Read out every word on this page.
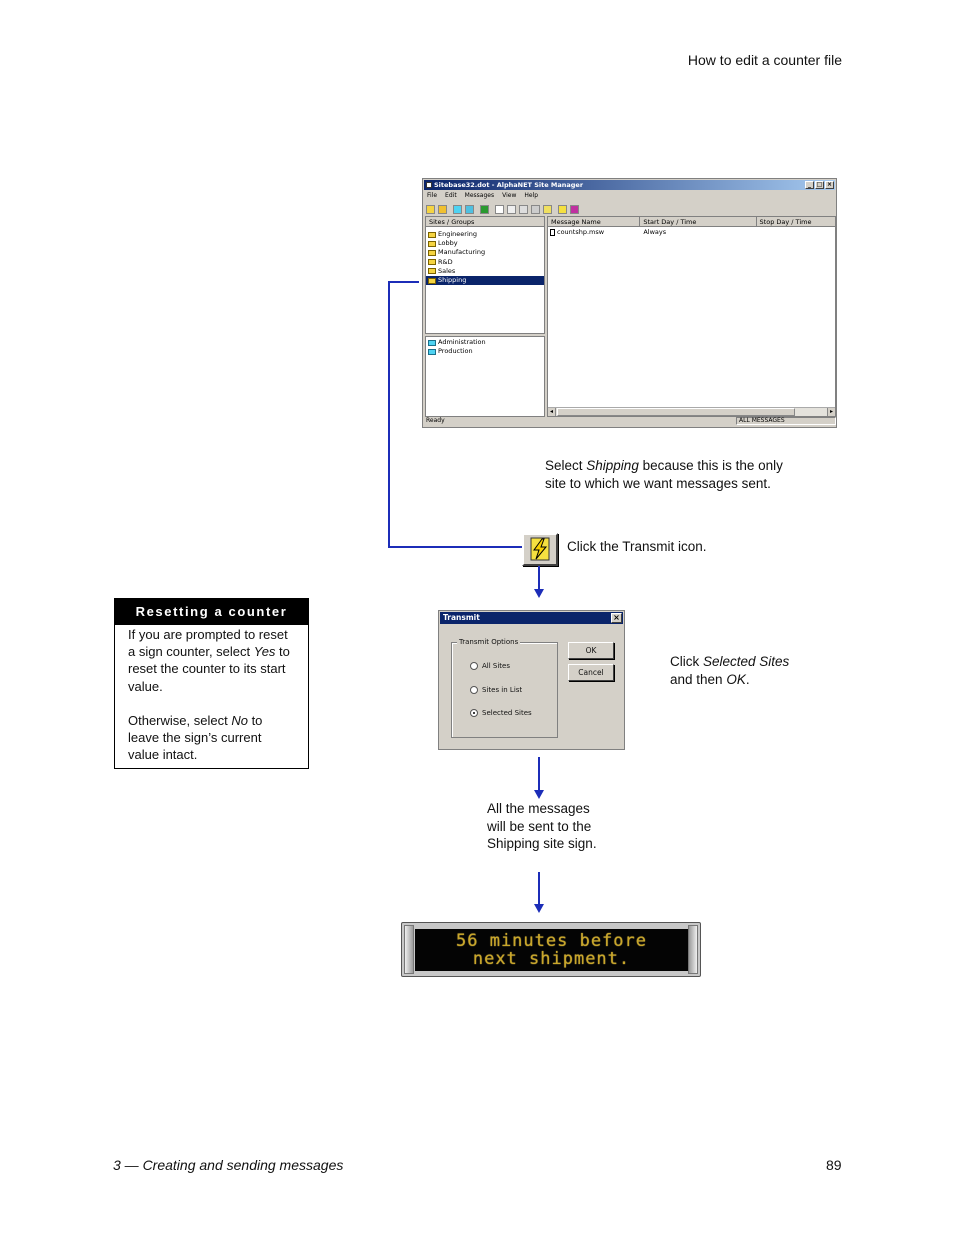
How to edit a counter file
3 — Creating and sending messages	89
Sitebase32.dot - AlphaNET Site Manager	_ □ ×
File Edit Messages View Help
Sites / Groups
Engineering
Lobby
Manufacturing
R&D
Sales
Shipping
Administration
Production
Message Name	Start Day / Time	Stop Day / Time
countshp.msw	Always
◂	▸
Ready	ALL MESSAGES
Select Shipping because this is the only site to which we want messages sent.
Click the Transmit icon.
Resetting a counter

If you are prompted to reset a sign counter, select Yes to reset the counter to its start value.

Otherwise, select No to leave the sign’s current value intact.

Transmit	×
Transmit Options
All Sites
Sites in List
Selected Sites
OK
Cancel
Click Selected Sites
and then OK.
All the messages
will be sent to the
Shipping site sign.
56 minutes before
next shipment.
